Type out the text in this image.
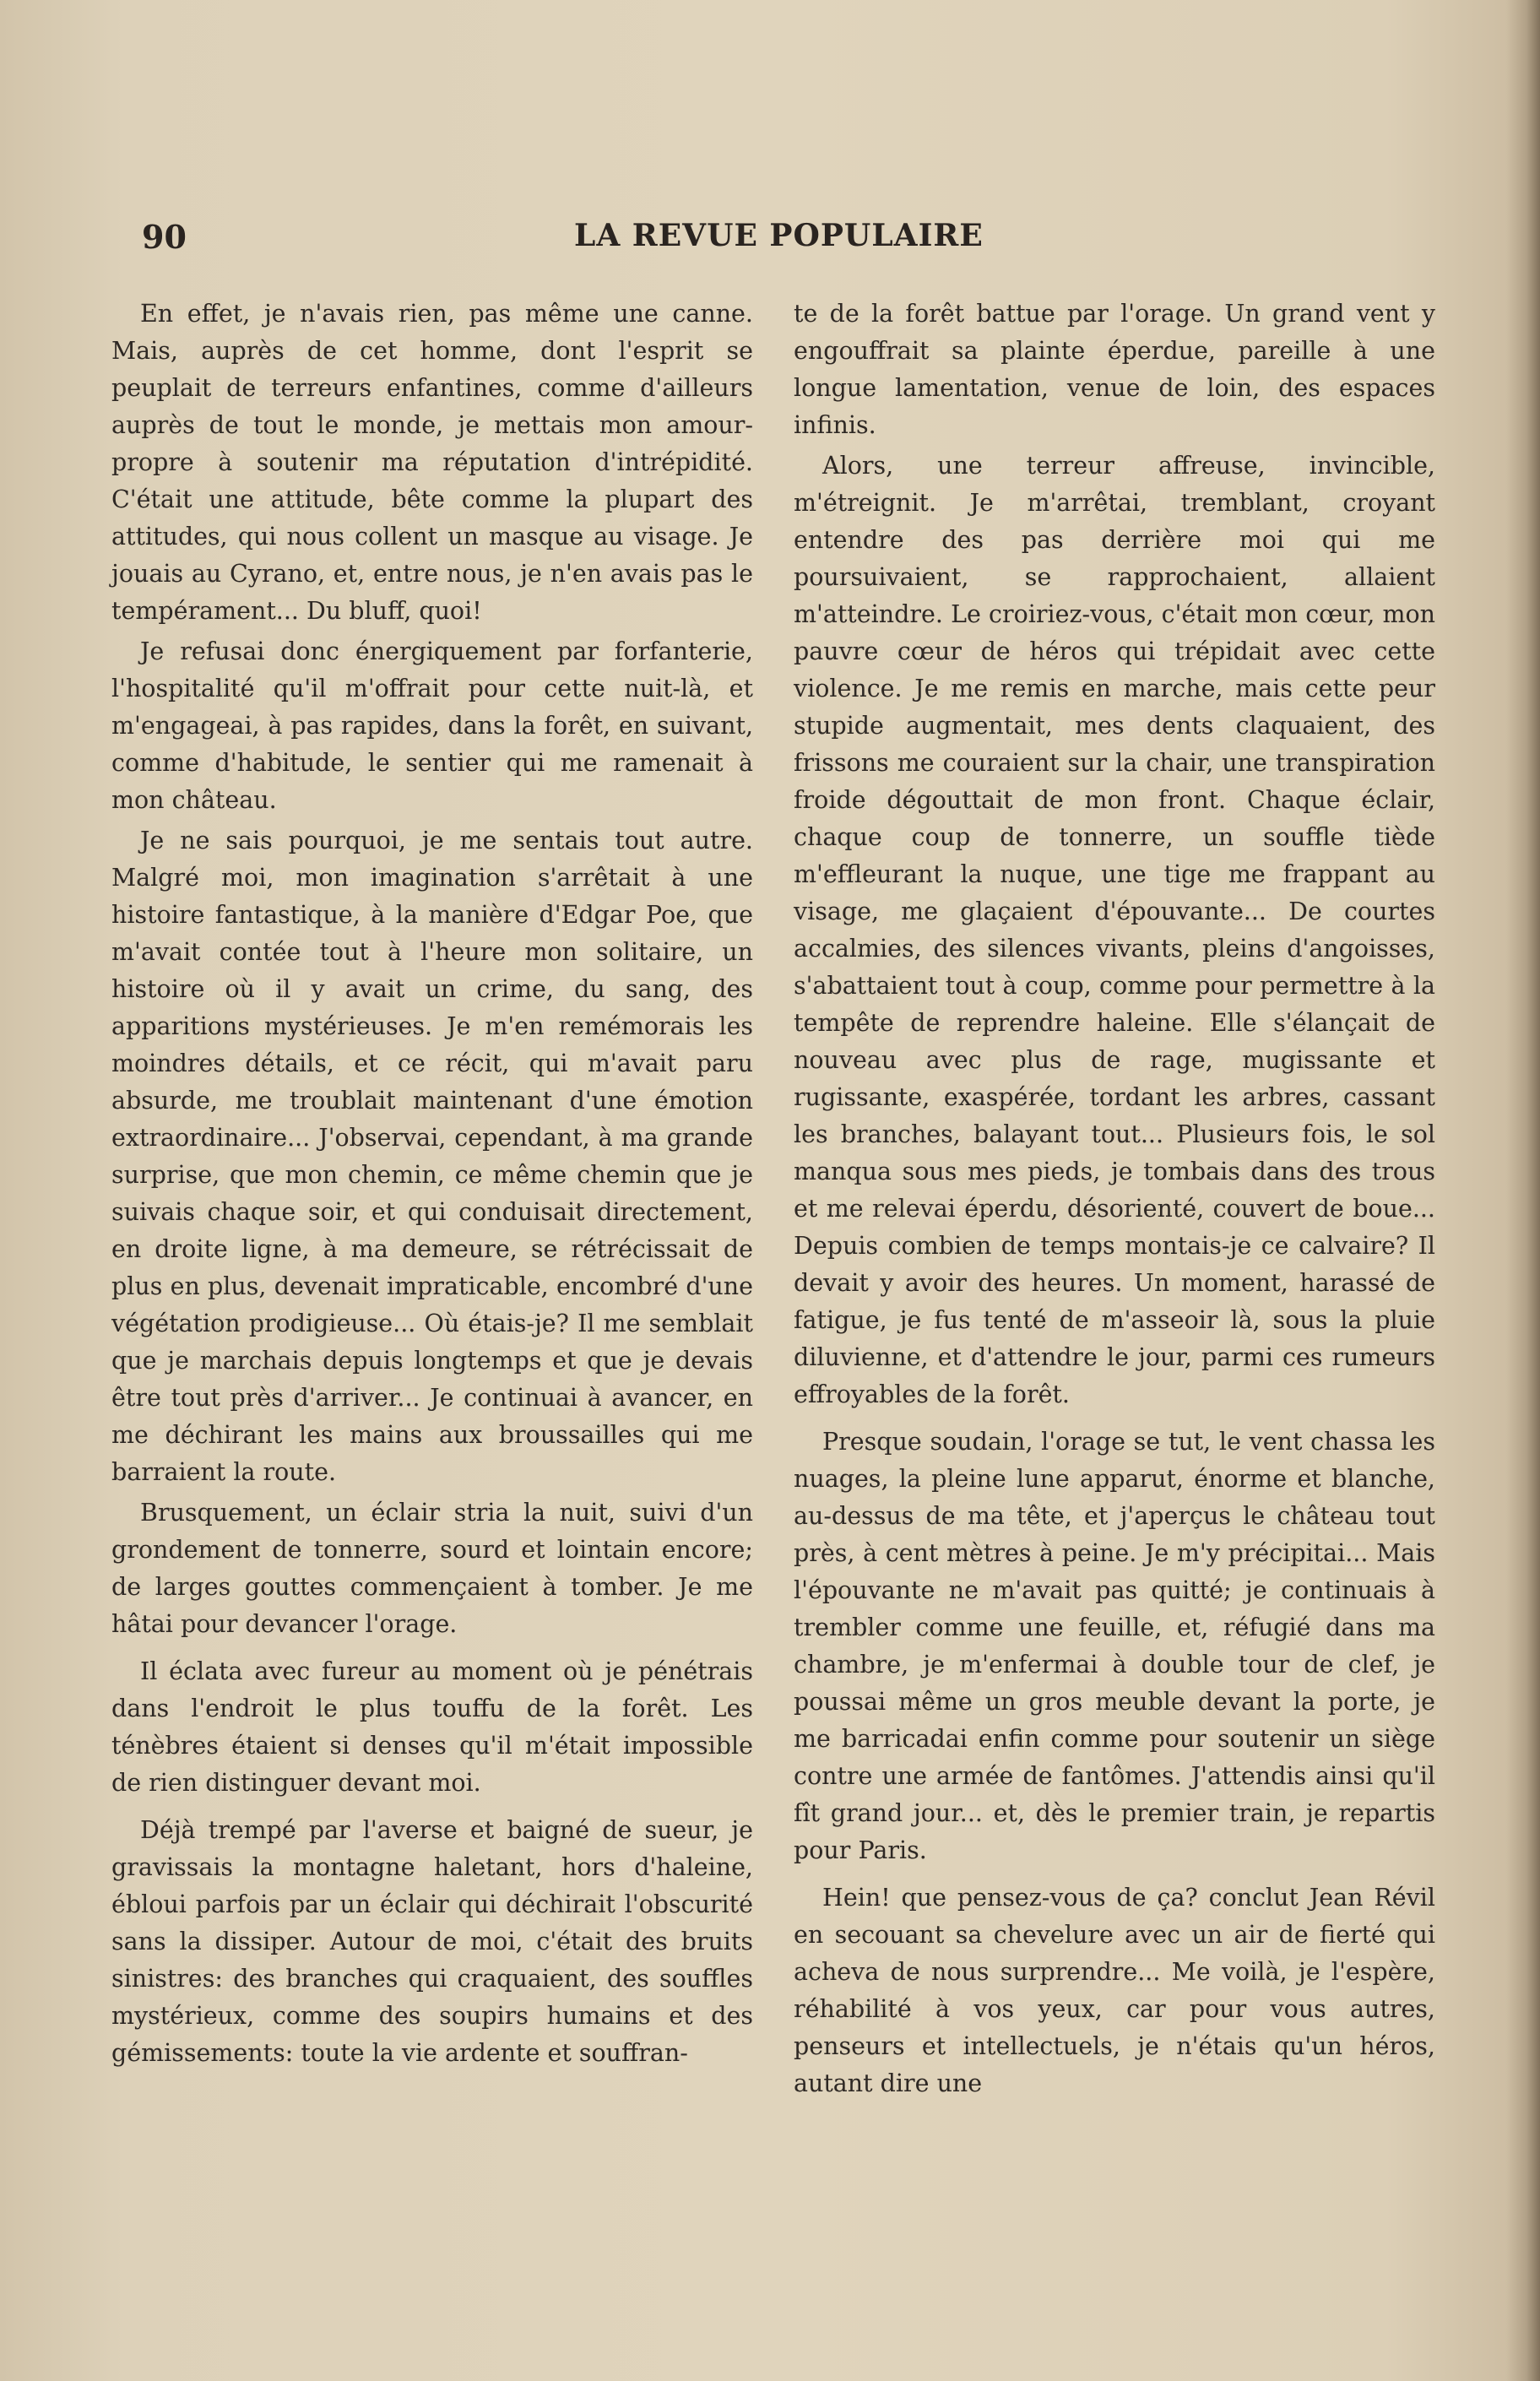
90	LA REVUE POPULAIRE

En effet, je n'avais rien, pas même une canne. Mais, auprès de cet homme, dont l'esprit se peuplait de terreurs enfantines, comme d'ailleurs auprès de tout le monde, je mettais mon amour-propre à soutenir ma réputation d'intrépidité. C'était une attitude, bête comme la plupart des attitudes, qui nous collent un masque au visage. Je jouais au Cyrano, et, entre nous, je n'en avais pas le tempérament... Du bluff, quoi!

Je refusai donc énergiquement par forfanterie, l'hospitalité qu'il m'offrait pour cette nuit-là, et m'engageai, à pas rapides, dans la forêt, en suivant, comme d'habitude, le sentier qui me ramenait à mon château.

Je ne sais pourquoi, je me sentais tout autre. Malgré moi, mon imagination s'arrêtait à une histoire fantastique, à la manière d'Edgar Poe, que m'avait contée tout à l'heure mon solitaire, un histoire où il y avait un crime, du sang, des apparitions mystérieuses. Je m'en remémorais les moindres détails, et ce récit, qui m'avait paru absurde, me troublait maintenant d'une émotion extraordinaire... J'observai, cependant, à ma grande surprise, que mon chemin, ce même chemin que je suivais chaque soir, et qui conduisait directement, en droite ligne, à ma demeure, se rétrécissait de plus en plus, devenait impraticable, encombré d'une végétation prodigieuse... Où étais-je? Il me semblait que je marchais depuis longtemps et que je devais être tout près d'arriver... Je continuai à avancer, en me déchirant les mains aux broussailles qui me barraient la route.

Brusquement, un éclair stria la nuit, suivi d'un grondement de tonnerre, sourd et lointain encore; de larges gouttes commençaient à tomber. Je me hâtai pour devancer l'orage.

Il éclata avec fureur au moment où je pénétrais dans l'endroit le plus touffu de la forêt. Les ténèbres étaient si denses qu'il m'était impossible de rien distinguer devant moi.

Déjà trempé par l'averse et baigné de sueur, je gravissais la montagne haletant, hors d'haleine, ébloui parfois par un éclair qui déchirait l'obscurité sans la dissiper. Autour de moi, c'était des bruits sinistres: des branches qui craquaient, des souffles mystérieux, comme des soupirs humains et des gémissements: toute la vie ardente et souffran-

te de la forêt battue par l'orage. Un grand vent y engouffrait sa plainte éperdue, pareille à une longue lamentation, venue de loin, des espaces infinis.

Alors, une terreur affreuse, invincible, m'étreignit. Je m'arrêtai, tremblant, croyant entendre des pas derrière moi qui me poursuivaient, se rapprochaient, allaient m'atteindre. Le croiriez-vous, c'était mon cœur, mon pauvre cœur de héros qui trépidait avec cette violence. Je me remis en marche, mais cette peur stupide augmentait, mes dents claquaient, des frissons me couraient sur la chair, une transpiration froide dégouttait de mon front. Chaque éclair, chaque coup de tonnerre, un souffle tiède m'effleurant la nuque, une tige me frappant au visage, me glaçaient d'épouvante... De courtes accalmies, des silences vivants, pleins d'angoisses, s'abattaient tout à coup, comme pour permettre à la tempête de reprendre haleine. Elle s'élançait de nouveau avec plus de rage, mugissante et rugissante, exaspérée, tordant les arbres, cassant les branches, balayant tout... Plusieurs fois, le sol manqua sous mes pieds, je tombais dans des trous et me relevai éperdu, désorienté, couvert de boue... Depuis combien de temps montais-je ce calvaire? Il devait y avoir des heures. Un moment, harassé de fatigue, je fus tenté de m'asseoir là, sous la pluie diluvienne, et d'attendre le jour, parmi ces rumeurs effroyables de la forêt.

Presque soudain, l'orage se tut, le vent chassa les nuages, la pleine lune apparut, énorme et blanche, au-dessus de ma tête, et j'aperçus le château tout près, à cent mètres à peine. Je m'y précipitai... Mais l'épouvante ne m'avait pas quitté; je continuais à trembler comme une feuille, et, réfugié dans ma chambre, je m'enfermai à double tour de clef, je poussai même un gros meuble devant la porte, je me barricadai enfin comme pour soutenir un siège contre une armée de fantômes. J'attendis ainsi qu'il fît grand jour... et, dès le premier train, je repartis pour Paris.

Hein! que pensez-vous de ça? conclut Jean Révil en secouant sa chevelure avec un air de fierté qui acheva de nous surprendre... Me voilà, je l'espère, réhabilité à vos yeux, car pour vous autres, penseurs et intellectuels, je n'étais qu'un héros, autant dire une
